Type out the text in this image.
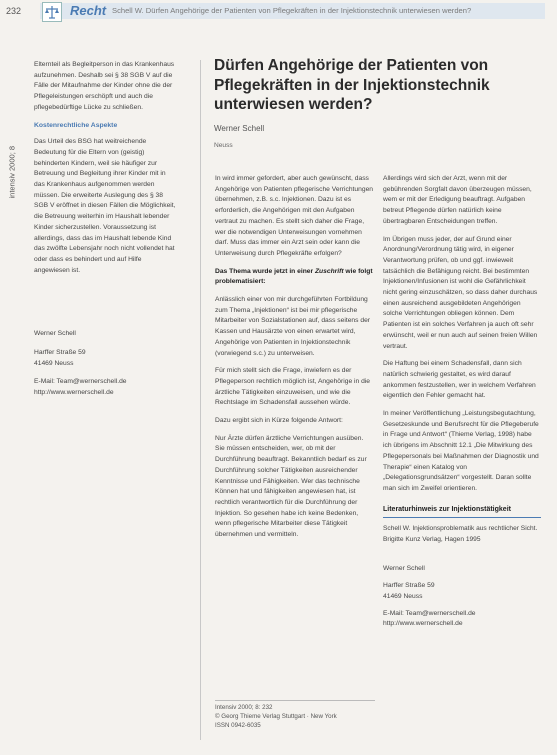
232	Recht Schell W. Dürfen Angehörige der Patienten von Pflegekräften in der Injektionstechnik unterwiesen werden?
intensiv 2000; 8

Elternteil als Begleitperson in das Krankenhaus aufzunehmen. Deshalb sei § 38 SGB V auf die Fälle der Mitaufnahme der Kinder ohne die der Pflegeleistungen erschöpft und auch die pflegebedürftige Lücke zu schließen.

Kostenrechtliche Aspekte

Das Urteil des BSG hat weitreichende Bedeutung für die Eltern von (geistig) behinderten Kindern, weil sie häufiger zur Betreuung und Begleitung ihrer Kinder mit in das Krankenhaus aufgenommen werden müssen. Die erweiterte Auslegung des § 38 SGB V eröffnet in diesen Fällen die Möglichkeit, die Betreuung weiterhin im Haushalt lebender Kinder sicherzustellen. Voraussetzung ist allerdings, dass das im Haushalt lebende Kind das zwölfte Lebensjahr noch nicht vollendet hat oder dass es behindert und auf Hilfe angewiesen ist.

Werner Schell
Harffer Straße 59
41469 Neuss
E-Mail: Team@wernerschell.de
http://www.wernerschell.de
Dürfen Angehörige der Patienten von Pflegekräften in der Injektionstechnik unterwiesen werden?
Werner Schell
Neuss

In wird immer gefordert, aber auch gewünscht, dass Angehörige von Patienten pflegerische Verrichtungen übernehmen, z.B. s.c. Injektionen. Dazu ist es erforderlich, die Angehörigen mit den Aufgaben vertraut zu machen. Es stellt sich daher die Frage, wer die notwendigen Unterweisungen vornehmen darf. Muss das immer ein Arzt sein oder kann die Unterweisung durch Pflegekräfte erfolgen?

Das Thema wurde jetzt in einer Zuschrift wie folgt problematisiert:

Anlässlich einer von mir durchgeführten Fortbildung zum Thema „Injektionen“ ist bei mir pflegerische Mitarbeiter von Sozialstationen auf, dass seitens der Kassen und Hausärzte von einen erwartet wird, Angehörige von Patienten in Injektionstechnik (vorwiegend s.c.) zu unterweisen.

Für mich stellt sich die Frage, inwiefern es der Pflegeperson rechtlich möglich ist, Angehörige in die ärztliche Tätigkeiten einzuweisen, und wie die Rechtslage im Schadensfall aussehen würde.

Dazu ergibt sich in Kürze folgende Antwort:

Nur Ärzte dürfen ärztliche Verrichtungen ausüben. Sie müssen entscheiden, wer, ob mit der Durchführung beauftragt. Bekanntlich bedarf es zur Durchführung solcher Tätigkeiten ausreichender Kenntnisse und Fähigkeiten. Wer das technische Können hat und fähigkeiten angewiesen hat, ist rechtlich verantwortlich für die Durchführung der Injektion. So gesehen habe ich keine Bedenken, wenn pflegerische Mitarbeiter diese Tätigkeit übernehmen und vermitteln.

Intensiv 2000; 8: 232
© Georg Thieme Verlag Stuttgart · New York
ISSN 0942-6035

Allerdings wird sich der Arzt, wenn mit der gebührenden Sorgfalt davon überzeugen müssen, wem er mit der Erledigung beauftragt. Aufgaben betreut Pflegende dürfen natürlich keine übertragbaren Entscheidungen treffen.

Im Übrigen muss jeder, der auf Grund einer Anordnung/Verordnung tätig wird, in eigener Verantwortung prüfen, ob und ggf. inwieweit tatsächlich die Befähigung reicht. Bei bestimmten Injektionen/Infusionen ist wohl die Gefährlichkeit nicht gering einzuschätzen, so dass daher durchaus einen ausreichend ausgebildeten Angehörigen solche Verrichtungen obliegen können. Dem Patienten ist ein solches Verfahren ja auch oft sehr erwünscht, weil er nun auch auf seinen freien Willen vertraut.

Die Haftung bei einem Schadensfall, dann sich natürlich schwierig gestaltet, es wird darauf ankommen festzustellen, wer in welchem Verfahren eigentlich den Fehler gemacht hat.

In meiner Veröffentlichung „Leistungsbegutachtung, Gesetzeskunde und Berufsrecht für die Pflegeberufe in Frage und Antwort“ (Thieme Verlag, 1998) habe ich übrigens im Abschnitt 12.1 „Die Mitwirkung des Pflegepersonals bei Maßnahmen der Diagnostik und Therapie“ einen Katalog von „Delegationsgrundsätzen“ vorgestellt. Daran sollte man sich im Zweifel orientieren.

Literaturhinweis zur Injektionstätigkeit

Schell W. Injektionsproblematik aus rechtlicher Sicht. Brigitte Kunz Verlag, Hagen 1995

Werner Schell
Harffer Straße 59
41469 Neuss
E-Mail: Team@wernerschell.de
http://www.wernerschell.de
